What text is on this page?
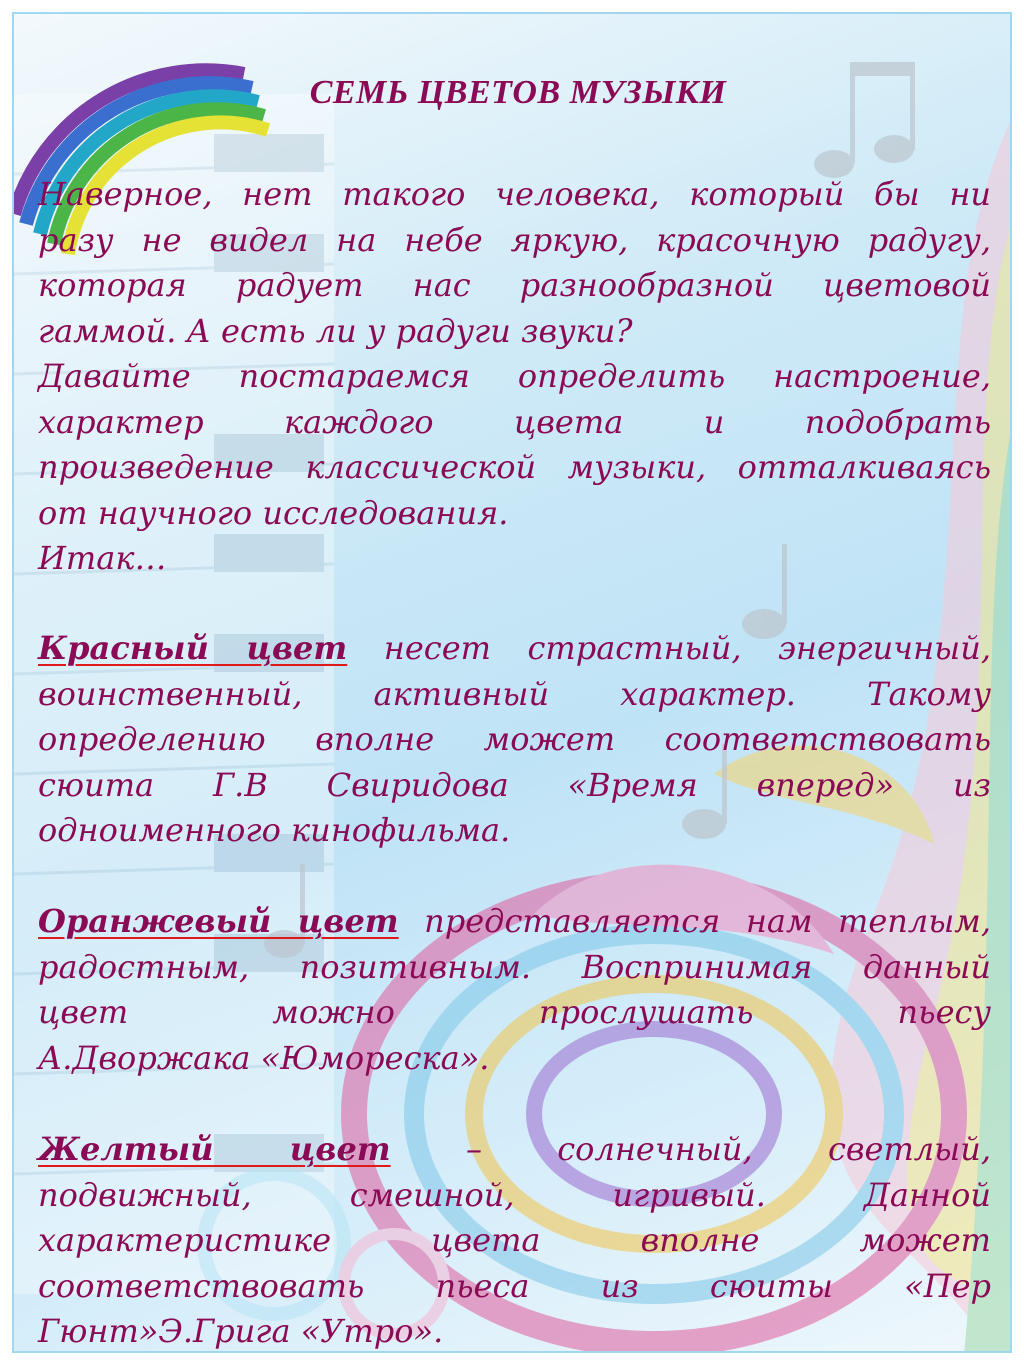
СЕМЬ ЦВЕТОВ МУЗЫКИ
Наверное, нет такого человека, который бы ни
разу не видел на небе яркую, красочную радугу,
которая радует нас разнообразной цветовой
гаммой. А есть ли у радуги звуки?
Давайте постараемся определить настроение,
характер каждого цвета и подобрать
произведение классической музыки, отталкиваясь
от научного исследования.
Итак…
Красный цвет несет страстный, энергичный,
воинственный, активный характер. Такому
определению вполне может соответствовать
сюита Г.В Свиридова «Время вперед» из
одноименного кинофильма.
Оранжевый цвет представляется нам теплым,
радостным, позитивным. Воспринимая данный
цвет можно прослушать пьесу
А.Дворжака «Юмореска».
Желтый цвет – солнечный, светлый,
подвижный, смешной, игривый. Данной
характеристике цвета вполне может
соответствовать пьеса из сюиты «Пер
Гюнт»Э.Грига «Утро».
